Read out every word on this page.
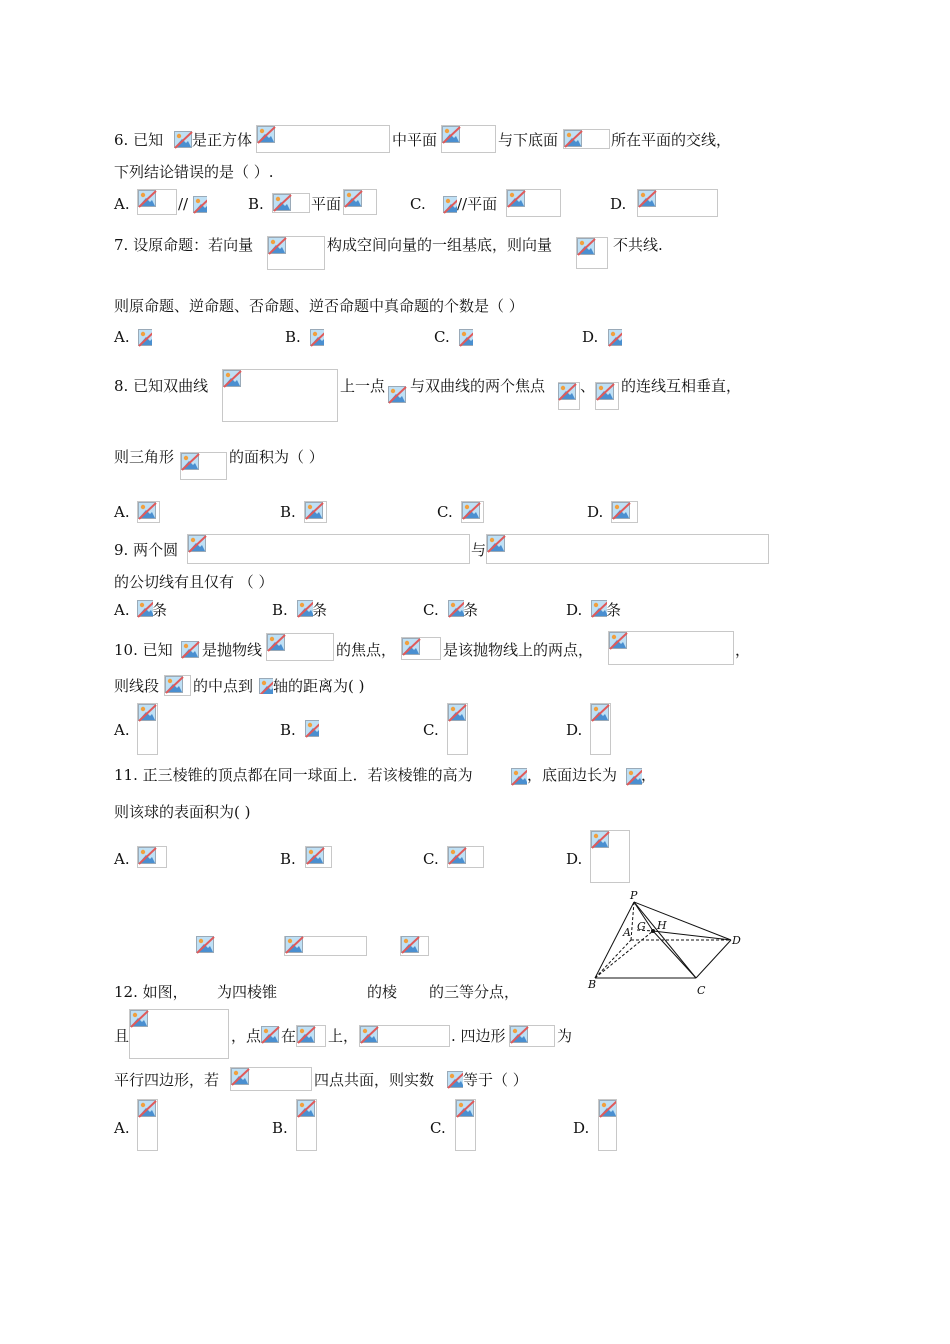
6. 已知 是正方体	中平面	与下底面	所在平面的交线，
下列结论错误的是（ ）.
A.	//	B.	平面	C. //平面	D.
7. 设原命题：若向量	构成空间向量的一组基底，则向量	不共线.
则原命题、逆命题、否命题、逆否命题中真命题的个数是（ ）
A.	B.	C.	D.
8. 已知双曲线	上一点 与双曲线的两个焦点 、 的连线互相垂直，
则三角形	的面积为（ ）
A.	B.	C.	D.
9. 两个圆	与
的公切线有且仅有 （ ）
A. 条	B. 条	C. 条	D. 条
10. 已知 是抛物线	的焦点，	是该抛物线上的两点，	，
则线段 的中点到 轴的距离为( )
A.	B.	C.	D.
11. 正三棱锥的顶点都在同一球面上．若该棱锥的高为	，底面边长为 ，
则该球的表面积为( )
A.	B.	C.	D.
P
A G H
D
B	C
12. 如图， 为四棱锥	的棱 的三等分点，
且	，点 在 上，	. 四边形	为
平行四边形，若	四点共面，则实数 等于（ ）
A.	B.	C.	D.
